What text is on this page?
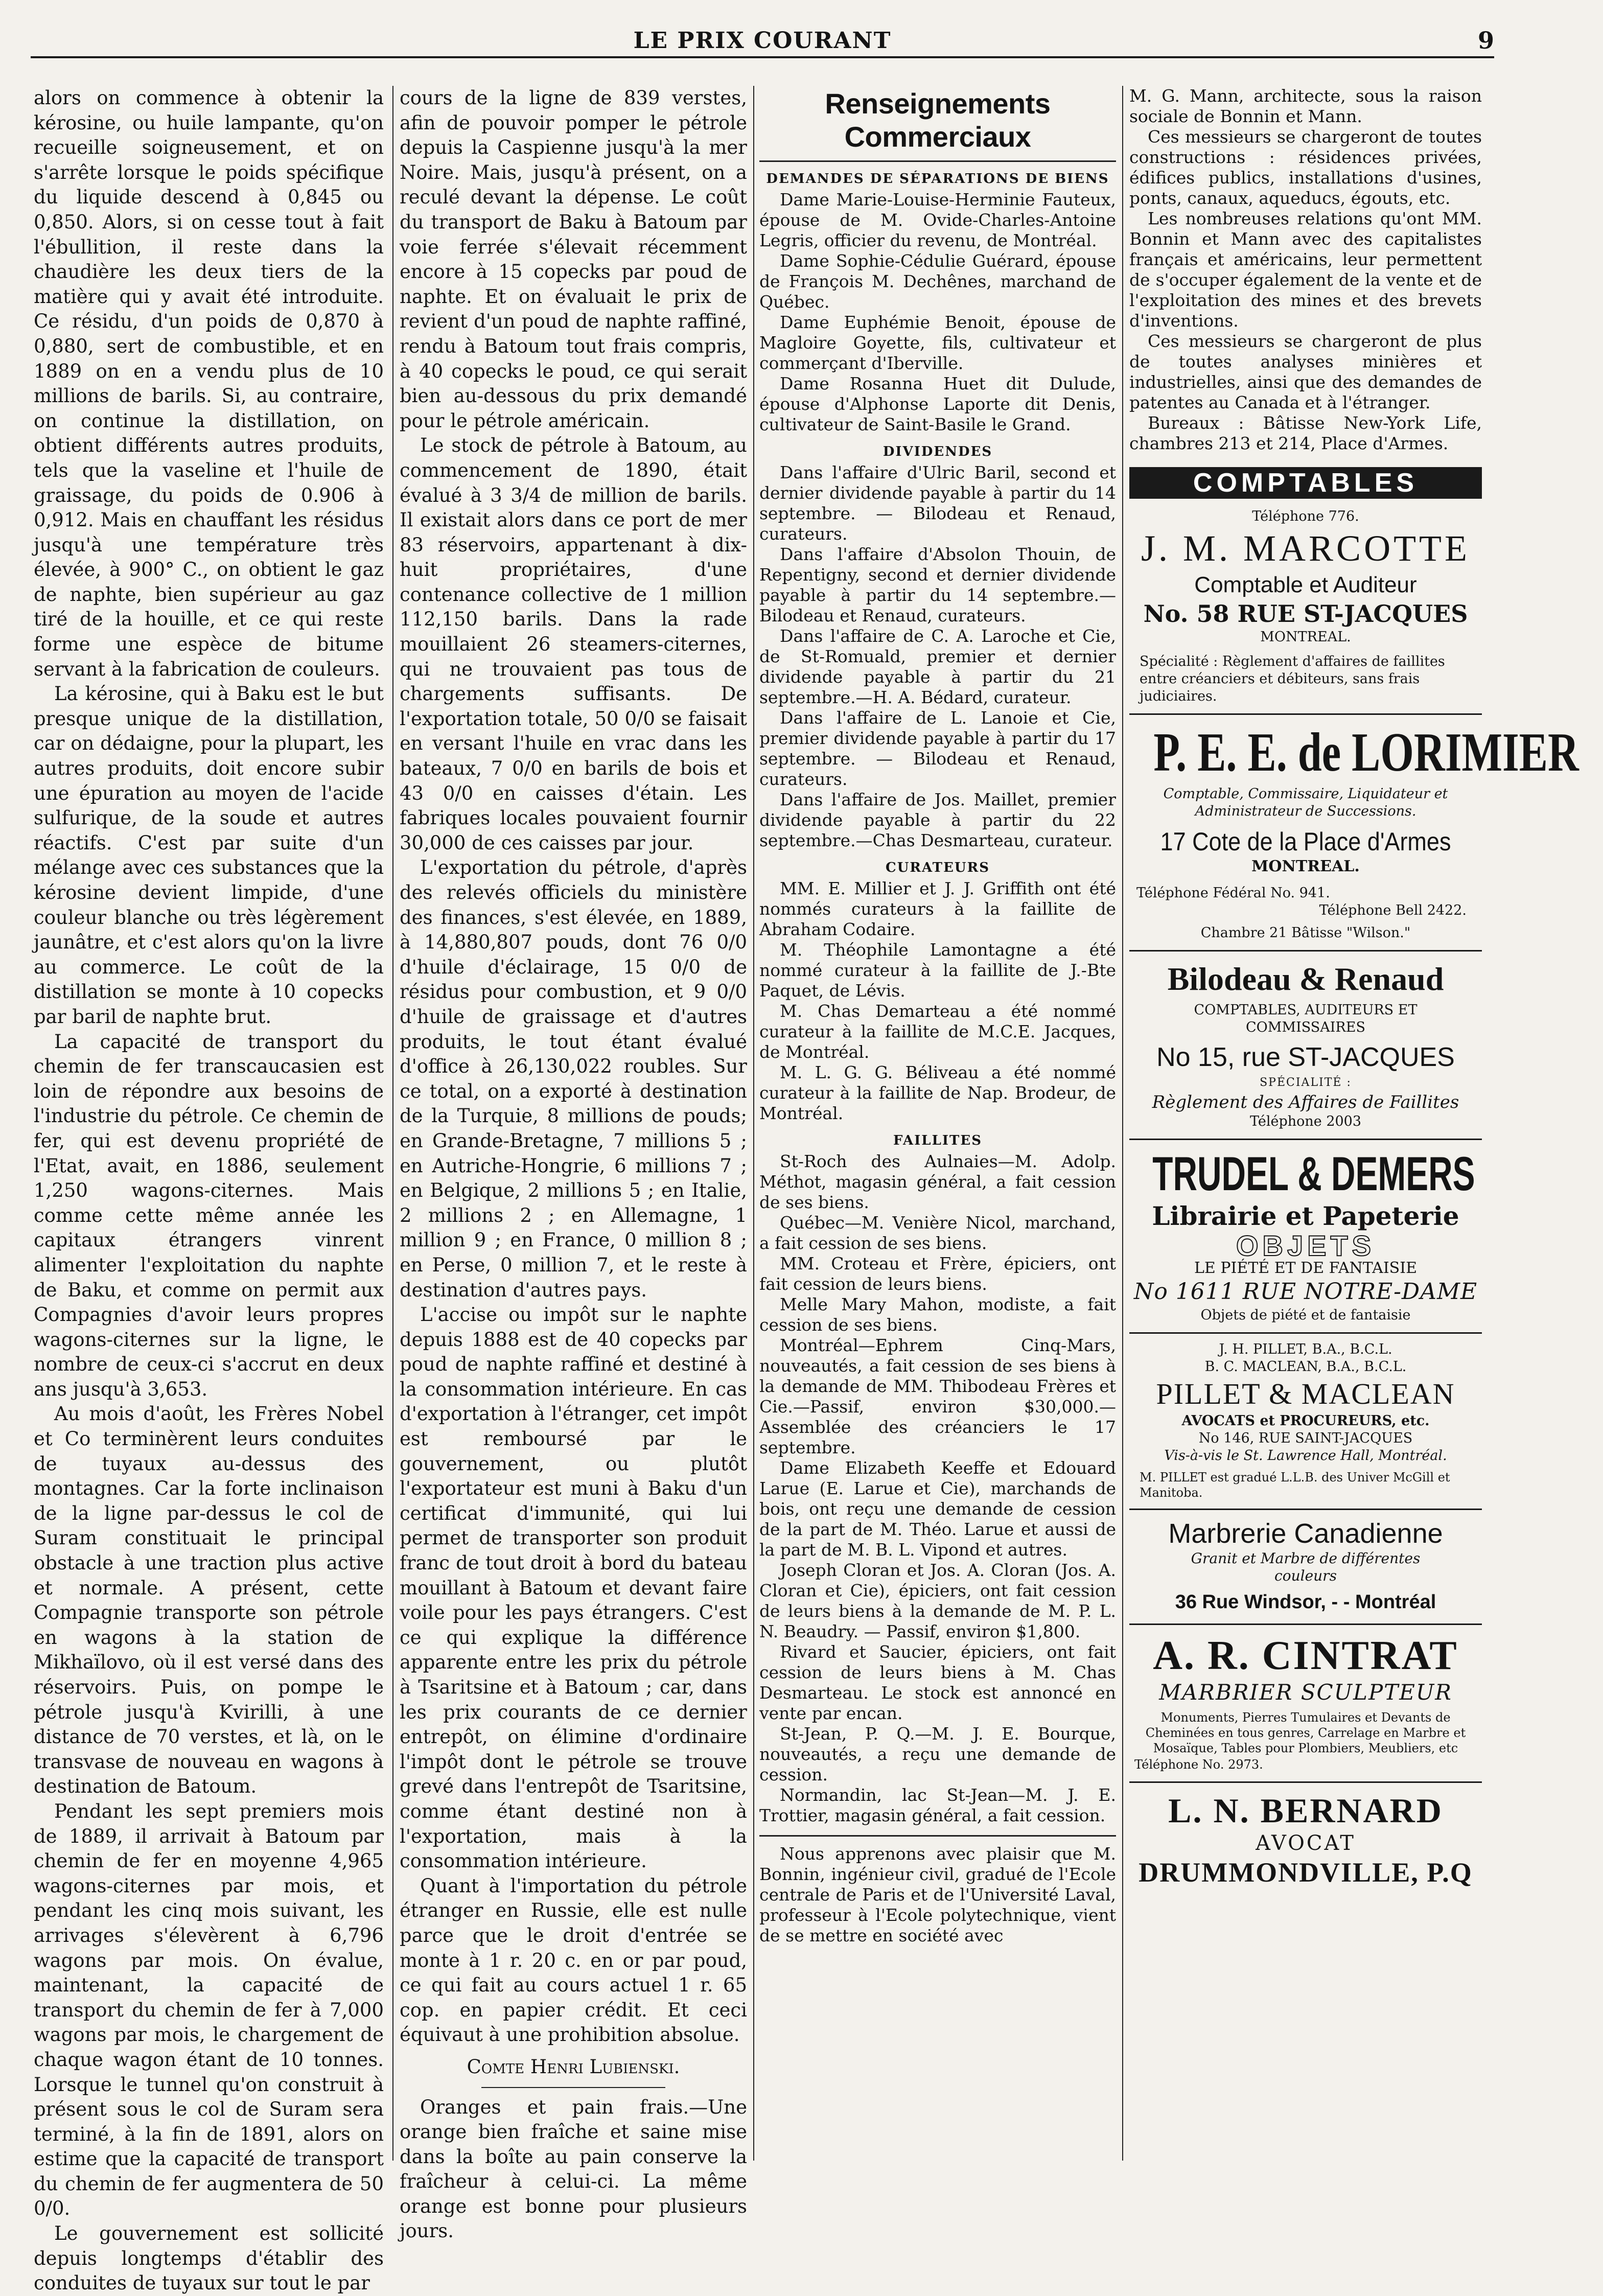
LE PRIX COURANT	9

alors on commence à obtenir la kérosine, ou huile lampante, qu'on recueille soigneusement, et on s'arrête lorsque le poids spécifique du liquide descend à 0,845 ou 0,850. Alors, si on cesse tout à fait l'ébullition, il reste dans la chaudière les deux tiers de la matière qui y avait été introduite. Ce résidu, d'un poids de 0,870 à 0,880, sert de combustible, et en 1889 on en a vendu plus de 10 millions de barils. Si, au contraire, on continue la distillation, on obtient différents autres produits, tels que la vaseline et l'huile de graissage, du poids de 0.906 à 0,912. Mais en chauffant les résidus jusqu'à une température très élevée, à 900° C., on obtient le gaz de naphte, bien supérieur au gaz tiré de la houille, et ce qui reste forme une espèce de bitume servant à la fabrication de couleurs.

La kérosine, qui à Baku est le but presque unique de la distillation, car on dédaigne, pour la plupart, les autres produits, doit encore subir une épuration au moyen de l'acide sulfurique, de la soude et autres réactifs. C'est par suite d'un mélange avec ces substances que la kérosine devient limpide, d'une couleur blanche ou très légèrement jaunâtre, et c'est alors qu'on la livre au commerce. Le coût de la distillation se monte à 10 copecks par baril de naphte brut.

La capacité de transport du chemin de fer transcaucasien est loin de répondre aux besoins de l'industrie du pétrole. Ce chemin de fer, qui est devenu propriété de l'Etat, avait, en 1886, seulement 1,250 wagons-citernes. Mais comme cette même année les capitaux étrangers vinrent alimenter l'exploitation du naphte de Baku, et comme on permit aux Compagnies d'avoir leurs propres wagons-citernes sur la ligne, le nombre de ceux-ci s'accrut en deux ans jusqu'à 3,653.

Au mois d'août, les Frères Nobel et Co terminèrent leurs conduites de tuyaux au-dessus des montagnes. Car la forte inclinaison de la ligne par-dessus le col de Suram constituait le principal obstacle à une traction plus active et normale. A présent, cette Compagnie transporte son pétrole en wagons à la station de Mikhaïlovo, où il est versé dans des réservoirs. Puis, on pompe le pétrole jusqu'à Kvirilli, à une distance de 70 verstes, et là, on le transvase de nouveau en wagons à destination de Batoum.

Pendant les sept premiers mois de 1889, il arrivait à Batoum par chemin de fer en moyenne 4,965 wagons-citernes par mois, et pendant les cinq mois suivant, les arrivages s'élevèrent à 6,796 wagons par mois. On évalue, maintenant, la capacité de transport du chemin de fer à 7,000 wagons par mois, le chargement de chaque wagon étant de 10 tonnes. Lorsque le tunnel qu'on construit à présent sous le col de Suram sera terminé, à la fin de 1891, alors on estime que la capacité de transport du chemin de fer augmentera de 50 0/0.

Le gouvernement est sollicité depuis longtemps d'établir des conduites de tuyaux sur tout le par

cours de la ligne de 839 verstes, afin de pouvoir pomper le pétrole depuis la Caspienne jusqu'à la mer Noire. Mais, jusqu'à présent, on a reculé devant la dépense. Le coût du transport de Baku à Batoum par voie ferrée s'élevait récemment encore à 15 copecks par poud de naphte. Et on évaluait le prix de revient d'un poud de naphte raffiné, rendu à Batoum tout frais compris, à 40 copecks le poud, ce qui serait bien au-dessous du prix demandé pour le pétrole américain.

Le stock de pétrole à Batoum, au commencement de 1890, était évalué à 3 3/4 de million de barils. Il existait alors dans ce port de mer 83 réservoirs, appartenant à dix-huit propriétaires, d'une contenance collective de 1 million 112,150 barils. Dans la rade mouillaient 26 steamers-citernes, qui ne trouvaient pas tous de chargements suffisants. De l'exportation totale, 50 0/0 se faisait en versant l'huile en vrac dans les bateaux, 7 0/0 en barils de bois et 43 0/0 en caisses d'étain. Les fabriques locales pouvaient fournir 30,000 de ces caisses par jour.

L'exportation du pétrole, d'après des relevés officiels du ministère des finances, s'est élevée, en 1889, à 14,880,807 pouds, dont 76 0/0 d'huile d'éclairage, 15 0/0 de résidus pour combustion, et 9 0/0 d'huile de graissage et d'autres produits, le tout étant évalué d'office à 26,130,022 roubles. Sur ce total, on a exporté à destination de la Turquie, 8 millions de pouds; en Grande-Bretagne, 7 millions 5 ; en Autriche-Hongrie, 6 millions 7 ; en Belgique, 2 millions 5 ; en Italie, 2 millions 2 ; en Allemagne, 1 million 9 ; en France, 0 million 8 ; en Perse, 0 million 7, et le reste à destination d'autres pays.

L'accise ou impôt sur le naphte depuis 1888 est de 40 copecks par poud de naphte raffiné et destiné à la consommation intérieure. En cas d'exportation à l'étranger, cet impôt est remboursé par le gouvernement, ou plutôt l'exportateur est muni à Baku d'un certificat d'immunité, qui lui permet de transporter son produit franc de tout droit à bord du bateau mouillant à Batoum et devant faire voile pour les pays étrangers. C'est ce qui explique la différence apparente entre les prix du pétrole à Tsaritsine et à Batoum ; car, dans les prix courants de ce dernier entrepôt, on élimine d'ordinaire l'impôt dont le pétrole se trouve grevé dans l'entrepôt de Tsaritsine, comme étant destiné non à l'exportation, mais à la consommation intérieure.

Quant à l'importation du pétrole étranger en Russie, elle est nulle parce que le droit d'entrée se monte à 1 r. 20 c. en or par poud, ce qui fait au cours actuel 1 r. 65 cop. en papier crédit. Et ceci équivaut à une prohibition absolue.

Comte Henri Lubienski.

Oranges et pain frais.—Une orange bien fraîche et saine mise dans la boîte au pain conserve la fraîcheur à celui-ci. La même orange est bonne pour plusieurs jours.

Renseignements Commerciaux
DEMANDES DE SÉPARATIONS DE BIENS

Dame Marie-Louise-Herminie Fauteux, épouse de M. Ovide-Charles-Antoine Legris, officier du revenu, de Montréal.

Dame Sophie-Cédulie Guérard, épouse de François M. Dechênes, marchand de Québec.

Dame Euphémie Benoit, épouse de Magloire Goyette, fils, cultivateur et commerçant d'Iberville.

Dame Rosanna Huet dit Dulude, épouse d'Alphonse Laporte dit Denis, cultivateur de Saint-Basile le Grand.

DIVIDENDES

Dans l'affaire d'Ulric Baril, second et dernier dividende payable à partir du 14 septembre. — Bilodeau et Renaud, curateurs.

Dans l'affaire d'Absolon Thouin, de Repentigny, second et dernier dividende payable à partir du 14 septembre.—Bilodeau et Renaud, curateurs.

Dans l'affaire de C. A. Laroche et Cie, de St-Romuald, premier et dernier dividende payable à partir du 21 septembre.—H. A. Bédard, curateur.

Dans l'affaire de L. Lanoie et Cie, premier dividende payable à partir du 17 septembre. — Bilodeau et Renaud, curateurs.

Dans l'affaire de Jos. Maillet, premier dividende payable à partir du 22 septembre.—Chas Desmarteau, curateur.

CURATEURS

MM. E. Millier et J. J. Griffith ont été nommés curateurs à la faillite de Abraham Codaire.

M. Théophile Lamontagne a été nommé curateur à la faillite de J.-Bte Paquet, de Lévis.

M. Chas Demarteau a été nommé curateur à la faillite de M.C.E. Jacques, de Montréal.

M. L. G. G. Béliveau a été nommé curateur à la faillite de Nap. Brodeur, de Montréal.

FAILLITES

St-Roch des Aulnaies—M. Adolp. Méthot, magasin général, a fait cession de ses biens.

Québec—M. Venière Nicol, marchand, a fait cession de ses biens.

MM. Croteau et Frère, épiciers, ont fait cession de leurs biens.

Melle Mary Mahon, modiste, a fait cession de ses biens.

Montréal—Ephrem Cinq-Mars, nouveautés, a fait cession de ses biens à la demande de MM. Thibodeau Frères et Cie.—Passif, environ $30,000.—Assemblée des créanciers le 17 septembre.

Dame Elizabeth Keeffe et Edouard Larue (E. Larue et Cie), marchands de bois, ont reçu une demande de cession de la part de M. Théo. Larue et aussi de la part de M. B. L. Vipond et autres.

Joseph Cloran et Jos. A. Cloran (Jos. A. Cloran et Cie), épiciers, ont fait cession de leurs biens à la demande de M. P. L. N. Beaudry. — Passif, environ $1,800.

Rivard et Saucier, épiciers, ont fait cession de leurs biens à M. Chas Desmarteau. Le stock est annoncé en vente par encan.

St-Jean, P. Q.—M. J. E. Bourque, nouveautés, a reçu une demande de cession.

Normandin, lac St-Jean—M. J. E. Trottier, magasin général, a fait cession.

Nous apprenons avec plaisir que M. Bonnin, ingénieur civil, gradué de l'Ecole centrale de Paris et de l'Université Laval, professeur à l'Ecole polytechnique, vient de se mettre en société avec

M. G. Mann, architecte, sous la raison sociale de Bonnin et Mann.

Ces messieurs se chargeront de toutes constructions : résidences privées, édifices publics, installations d'usines, ponts, canaux, aqueducs, égouts, etc.

Les nombreuses relations qu'ont MM. Bonnin et Mann avec des capitalistes français et américains, leur permettent de s'occuper également de la vente et de l'exploitation des mines et des brevets d'inventions.

Ces messieurs se chargeront de plus de toutes analyses minières et industrielles, ainsi que des demandes de patentes au Canada et à l'étranger.

Bureaux : Bâtisse New-York Life, chambres 213 et 214, Place d'Armes.

COMPTABLES
Téléphone 776.
J. M. MARCOTTE
Comptable et Auditeur
No. 58 RUE ST-JACQUES
MONTREAL.
Spécialité : Règlement d'affaires de faillites entre créanciers et débiteurs, sans frais judiciaires.
P. E. E. de LORIMIER
Comptable, Commissaire, Liquidateur et Administrateur de Successions.
17 Cote de la Place d'Armes
MONTREAL.
Téléphone Fédéral No. 941.
Téléphone Bell 2422.
Chambre 21 Bâtisse "Wilson."
Bilodeau & Renaud
COMPTABLES, AUDITEURS ET COMMISSAIRES
No 15, rue ST-JACQUES
SPÉCIALITÉ :
Règlement des Affaires de Faillites
Téléphone 2003
TRUDEL & DEMERS
Librairie et Papeterie
OBJETS
LE PIÉTÉ ET DE FANTAISIE
No 1611 RUE NOTRE-DAME
Objets de piété et de fantaisie
J. H. PILLET, B.A., B.C.L.
B. C. MACLEAN, B.A., B.C.L.
PILLET & MACLEAN
AVOCATS et PROCUREURS, etc.
No 146, RUE SAINT-JACQUES
Vis-à-vis le St. Lawrence Hall, Montréal.
M. PILLET est gradué L.L.B. des Univer McGill et Manitoba.
Marbrerie Canadienne
Granit et Marbre de différentes couleurs
36 Rue Windsor, - - Montréal
A. R. CINTRAT
MARBRIER SCULPTEUR
Monuments, Pierres Tumulaires et Devants de Cheminées en tous genres, Carrelage en Marbre et Mosaïque, Tables pour Plombiers, Meubliers, etc
Téléphone No. 2973.
L. N. BERNARD
AVOCAT
DRUMMONDVILLE, P.Q
